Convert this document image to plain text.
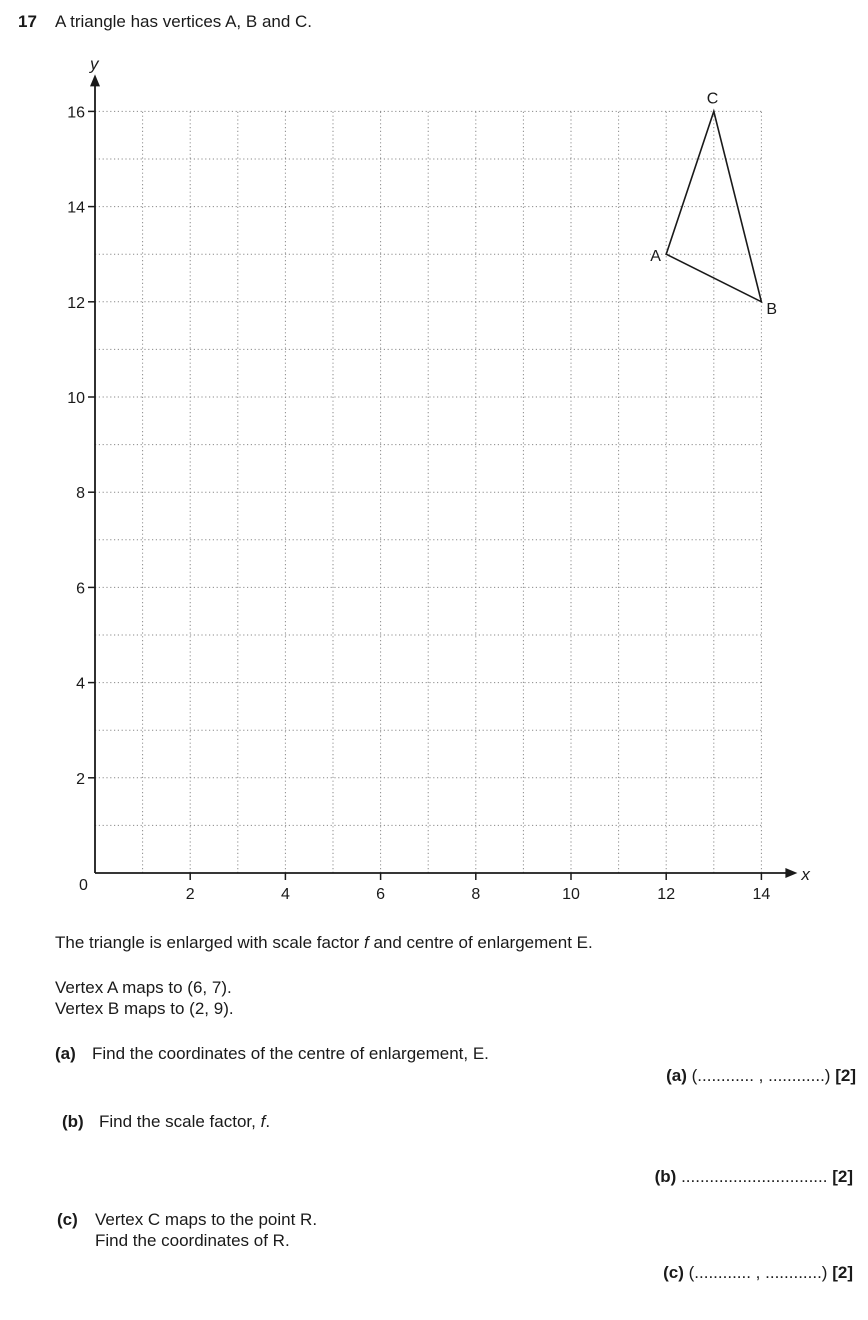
17 A triangle has vertices A, B and C.
x
y
0
2	4	6	8	10	12	14
2
4
6
8
10
12
14
16
A
B
C
The triangle is enlarged with scale factor f and centre of enlargement E.
Vertex A maps to (6, 7).
Vertex B maps to (2, 9).
(a) Find the coordinates of the centre of enlargement, E.
(a) (............ , ............) [2]
(b) Find the scale factor, f.
(b) ............................... [2]
(c) Vertex C maps to the point R.
Find the coordinates of R.
(c) (............ , ............) [2]
